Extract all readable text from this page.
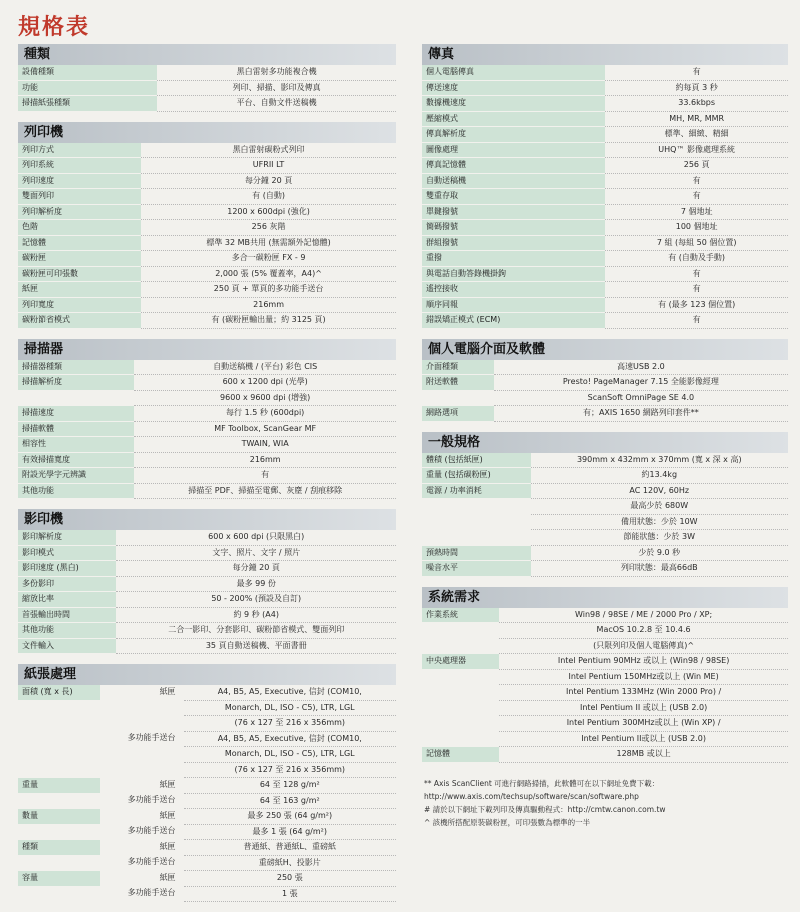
規格表
種類
設備種類	黑白雷射多功能複合機
功能	列印、掃描、影印及傳真
掃描紙張種類	平台、自動文件送稿機
列印機
列印方式	黑白雷射碳粉式列印
列印系統	UFRII LT
列印速度	每分鐘 20 頁
雙面列印	有 (自動)
列印解析度	1200 x 600dpi (強化)
色階	256 灰階
記憶體	標準 32 MB共用 (無需額外記憶體)
碳粉匣	多合一碳粉匣 FX - 9
碳粉匣可印張數	2,000 張 (5% 覆蓋率，A4)^
紙匣	250 頁 + 單頁的多功能手送台
列印寬度	216mm
碳粉節省模式	有 (碳粉匣輸出量；約 3125 頁)
掃描器
掃描器種類	自動送稿機 / (平台) 彩色 CIS
掃描解析度	600 x 1200 dpi (光學)
	9600 x 9600 dpi (增強)
掃描速度	每行 1.5 秒 (600dpi)
掃描軟體	MF Toolbox, ScanGear MF
相容性	TWAIN, WIA
有效掃描寬度	216mm
附設光學字元辨識	有
其他功能	掃描至 PDF、掃描至電郵、灰塵 / 刮痕移除
影印機
影印解析度	600 x 600 dpi (只限黑白)
影印模式	文字、照片、文字 / 照片
影印速度 (黑白)	每分鐘 20 頁
多份影印	最多 99 份
縮放比率	50 - 200% (預設及自訂)
首張輸出時間	約 9 秒 (A4)
其他功能	二合一影印、分套影印、碳粉節省模式、雙面列印
文件輸入	35 頁自動送稿機、平面書冊
紙張處理
面積 (寬 x 長)	紙匣	A4, B5, A5, Executive, 信封 (COM10,
		Monarch, DL, ISO - C5), LTR, LGL
		(76 x 127 至 216 x 356mm)
	多功能手送台	A4, B5, A5, Executive, 信封 (COM10,
		Monarch, DL, ISO - C5), LTR, LGL
		(76 x 127 至 216 x 356mm)
重量	紙匣	64 至 128 g/m²
	多功能手送台	64 至 163 g/m²
數量	紙匣	最多 250 張 (64 g/m²)
	多功能手送台	最多 1 張 (64 g/m²)
種類	紙匣	普通紙、普通紙L、重磅紙
	多功能手送台	重磅紙H、投影片
容量	紙匣	250 張
	多功能手送台	1 張
傳真
個人電腦傳真	有
傳送速度	約每頁 3 秒
數據機速度	33.6kbps
壓縮模式	MH, MR, MMR
傳真解析度	標準、細緻、精細
圖像處理	UHQ™ 影像處理系統
傳真記憶體	256 頁
自動送稿機	有
雙重存取	有
單鍵撥號	7 個地址
簡碼撥號	100 個地址
群組撥號	7 組 (每組 50 個位置)
重撥	有 (自動及手動)
與電話自動答錄機掛鉤	有
遙控接收	有
順序同報	有 (最多 123 個位置)
錯誤矯正模式 (ECM)	有
個人電腦介面及軟體
介面種類	高速USB 2.0
附送軟體	Presto! PageManager 7.15 全能影像經理
	ScanSoft OmniPage SE 4.0
網路選項	有；AXIS 1650 網路列印套件**
一般規格
體積 (包括紙匣)	390mm x 432mm x 370mm (寬 x 深 x 高)
重量 (包括碳粉匣)	約13.4kg
電源 / 功率消耗	AC 120V, 60Hz
	最高少於 680W
	備用狀態：少於 10W
	節能狀態：少於 3W
預熱時間	少於 9.0 秒
噪音水平	列印狀態：最高66dB
系統需求
作業系統	Win98 / 98SE / ME / 2000 Pro / XP;
	MacOS 10.2.8 至 10.4.6
	(只限列印及個人電腦傳真)^
中央處理器	Intel Pentium 90MHz 或以上 (Win98 / 98SE)
	Intel Pentium 150MHz或以上 (Win ME)
	Intel Pentium 133MHz (Win 2000 Pro) /
	Intel Pentium II 或以上 (USB 2.0)
	Intel Pentium 300MHz或以上 (Win XP) /
	Intel Pentium II或以上 (USB 2.0)
記憶體	128MB 或以上
** Axis ScanClient 可進行網路掃描，此軟體可在以下網址免費下載：
http://www.axis.com/techsup/software/scan/software.php
# 請於以下網址下載列印及傳真驅動程式：http://cmtw.canon.com.tw
^ 該機所搭配原裝碳粉匣，可印張數為標準的一半
